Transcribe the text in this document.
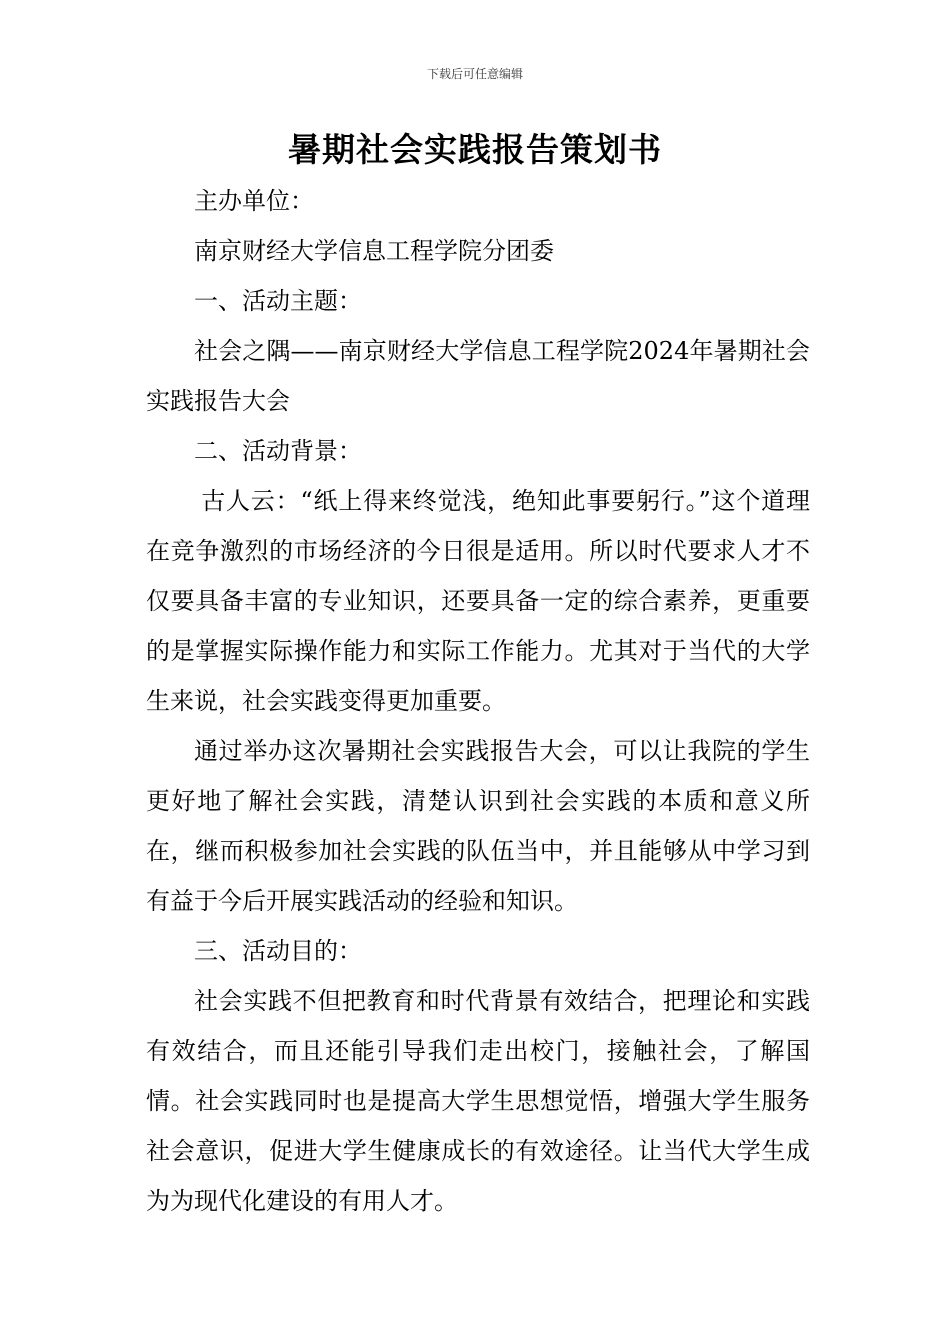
下载后可任意编辑
暑期社会实践报告策划书

主办单位：

南京财经大学信息工程学院分团委

一、活动主题：

社会之隅——南京财经大学信息工程学院2024年暑期社会实践报告大会

二、活动背景：

古人云：“纸上得来终觉浅，绝知此事要躬行。”这个道理在竞争激烈的市场经济的今日很是适用。所以时代要求人才不仅要具备丰富的专业知识，还要具备一定的综合素养，更重要的是掌握实际操作能力和实际工作能力。尤其对于当代的大学生来说，社会实践变得更加重要。

通过举办这次暑期社会实践报告大会，可以让我院的学生更好地了解社会实践，清楚认识到社会实践的本质和意义所在，继而积极参加社会实践的队伍当中，并且能够从中学习到有益于今后开展实践活动的经验和知识。

三、活动目的：

社会实践不但把教育和时代背景有效结合，把理论和实践有效结合，而且还能引导我们走出校门，接触社会，了解国情。社会实践同时也是提高大学生思想觉悟，增强大学生服务社会意识，促进大学生健康成长的有效途径。让当代大学生成为为现代化建设的有用人才。
